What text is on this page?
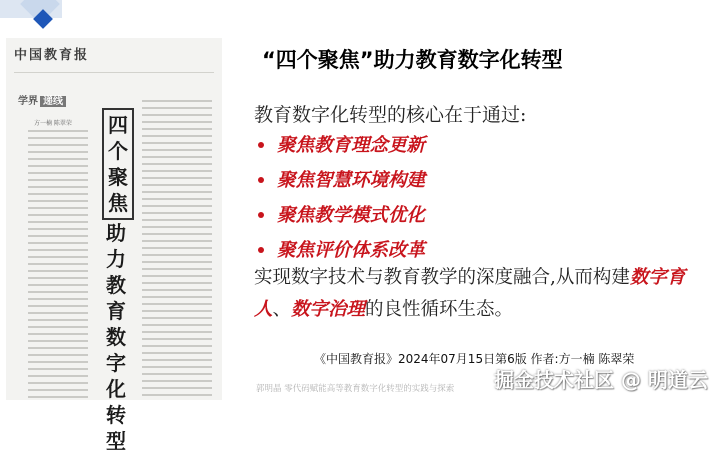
中国教育报
学界 递线
方一楠 陈翠荣 四
个
聚
焦
助
力
教
育
数
字
化
转
型
“四个聚焦”助力教育数字化转型
教育数字化转型的核心在于通过:
聚焦教育理念更新
聚焦智慧环境构建
聚焦教学模式优化
聚焦评价体系改革
实现数字技术与教育教学的深度融合,从而构建数字育人、数字治理的良性循环生态。
《中国教育报》2024年07月15日第6版 作者:方一楠 陈翠荣
郭明晶 零代码赋能高等教育数字化转型的实践与探索 掘金技术社区 @ 明道云
